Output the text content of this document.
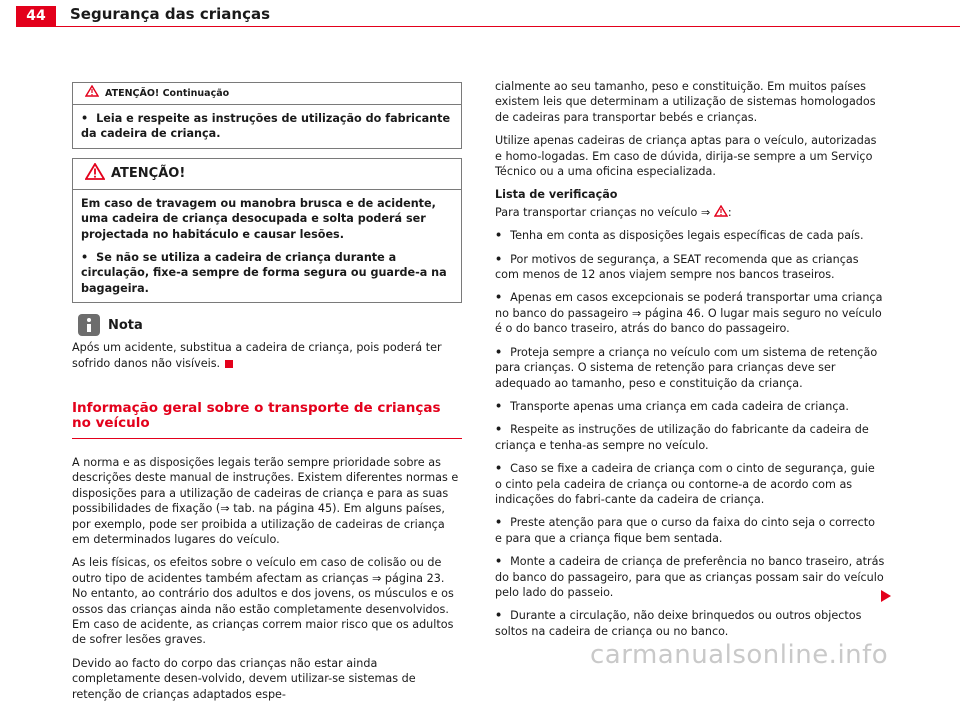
44	Segurança das crianças
ATENÇÃO! Continuação
• Leia e respeite as instruções de utilização do fabricante da cadeira de criança.
ATENÇÃO!

Em caso de travagem ou manobra brusca e de acidente, uma cadeira de criança desocupada e solta poderá ser projectada no habitáculo e causar lesões.

• Se não se utiliza a cadeira de criança durante a circulação, fixe-a sempre de forma segura ou guarde-a na bagageira.
Nota

Após um acidente, substitua a cadeira de criança, pois poderá ter sofrido danos não visíveis.

Informação geral sobre o transporte de crianças no veículo

A norma e as disposições legais terão sempre prioridade sobre as descrições deste manual de instruções. Existem diferentes normas e disposições para a utilização de cadeiras de criança e para as suas possibilidades de fixação (⇒ tab. na página 45). Em alguns países, por exemplo, pode ser proibida a utilização de cadeiras de criança em determinados lugares do veículo.

As leis físicas, os efeitos sobre o veículo em caso de colisão ou de outro tipo de acidentes também afectam as crianças ⇒ página 23. No entanto, ao contrário dos adultos e dos jovens, os músculos e os ossos das crianças ainda não estão completamente desenvolvidos. Em caso de acidente, as crianças correm maior risco que os adultos de sofrer lesões graves.

Devido ao facto do corpo das crianças não estar ainda completamente desen-volvido, devem utilizar-se sistemas de retenção de crianças adaptados espe-

cialmente ao seu tamanho, peso e constituição. Em muitos países existem leis que determinam a utilização de sistemas homologados de cadeiras para transportar bebés e crianças.

Utilize apenas cadeiras de criança aptas para o veículo, autorizadas e homo-logadas. Em caso de dúvida, dirija-se sempre a um Serviço Técnico ou a uma oficina especializada.

Lista de verificação

Para transportar crianças no veículo ⇒ :

• Tenha em conta as disposições legais específicas de cada país.
• Por motivos de segurança, a SEAT recomenda que as crianças com menos de 12 anos viajem sempre nos bancos traseiros.
• Apenas em casos excepcionais se poderá transportar uma criança no banco do passageiro ⇒ página 46. O lugar mais seguro no veículo é o do banco traseiro, atrás do banco do passageiro.
• Proteja sempre a criança no veículo com um sistema de retenção para crianças. O sistema de retenção para crianças deve ser adequado ao tamanho, peso e constituição da criança.
• Transporte apenas uma criança em cada cadeira de criança.
• Respeite as instruções de utilização do fabricante da cadeira de criança e tenha-as sempre no veículo.
• Caso se fixe a cadeira de criança com o cinto de segurança, guie o cinto pela cadeira de criança ou contorne-a de acordo com as indicações do fabri-cante da cadeira de criança.
• Preste atenção para que o curso da faixa do cinto seja o correcto e para que a criança fique bem sentada.
• Monte a cadeira de criança de preferência no banco traseiro, atrás do banco do passageiro, para que as crianças possam sair do veículo pelo lado do passeio.
• Durante a circulação, não deixe brinquedos ou outros objectos soltos na cadeira de criança ou no banco.
carmanualsonline.info
